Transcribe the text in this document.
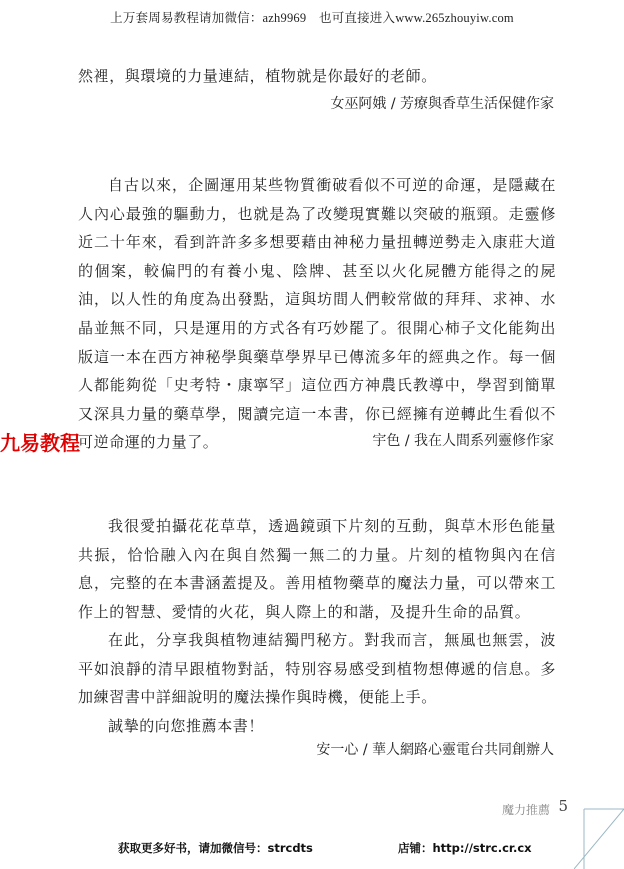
上万套周易教程请加微信：azh9969　也可直接进入www.265zhouyiw.com
然裡，與環境的力量連結，植物就是你最好的老師。
女巫阿娥 / 芳療與香草生活保健作家
自古以來，企圖運用某些物質衝破看似不可逆的命運，是隱藏在人內心最強的驅動力，也就是為了改變現實難以突破的瓶頸。走靈修近二十年來，看到許許多多想要藉由神秘力量扭轉逆勢走入康莊大道的個案，較偏門的有養小鬼、陰牌、甚至以火化屍體方能得之的屍油，以人性的角度為出發點，這與坊間人們較常做的拜拜、求神、水晶並無不同，只是運用的方式各有巧妙罷了。很開心柿子文化能夠出版這一本在西方神秘學與藥草學界早已傳流多年的經典之作。每一個人都能夠從「史考特・康寧罕」這位西方神農氏教導中，學習到簡單又深具力量的藥草學，閱讀完這一本書，你已經擁有逆轉此生看似不可逆命運的力量了。	宇色 / 我在人間系列靈修作家
九易教程
我很愛拍攝花花草草，透過鏡頭下片刻的互動，與草木形色能量共振，恰恰融入內在與自然獨一無二的力量。片刻的植物與內在信息，完整的在本書涵蓋提及。善用植物藥草的魔法力量，可以帶來工作上的智慧、愛情的火花，與人際上的和諧，及提升生命的品質。
在此，分享我與植物連結獨門秘方。對我而言，無風也無雲，波平如浪靜的清早跟植物對話，特別容易感受到植物想傳遞的信息。多加練習書中詳細說明的魔法操作與時機，便能上手。
誠摯的向您推薦本書！
安一心 / 華人網路心靈電台共同創辦人
魔力推薦 5
获取更多好书，请加微信号：strcdts	店铺：http://strc.cr.cx
